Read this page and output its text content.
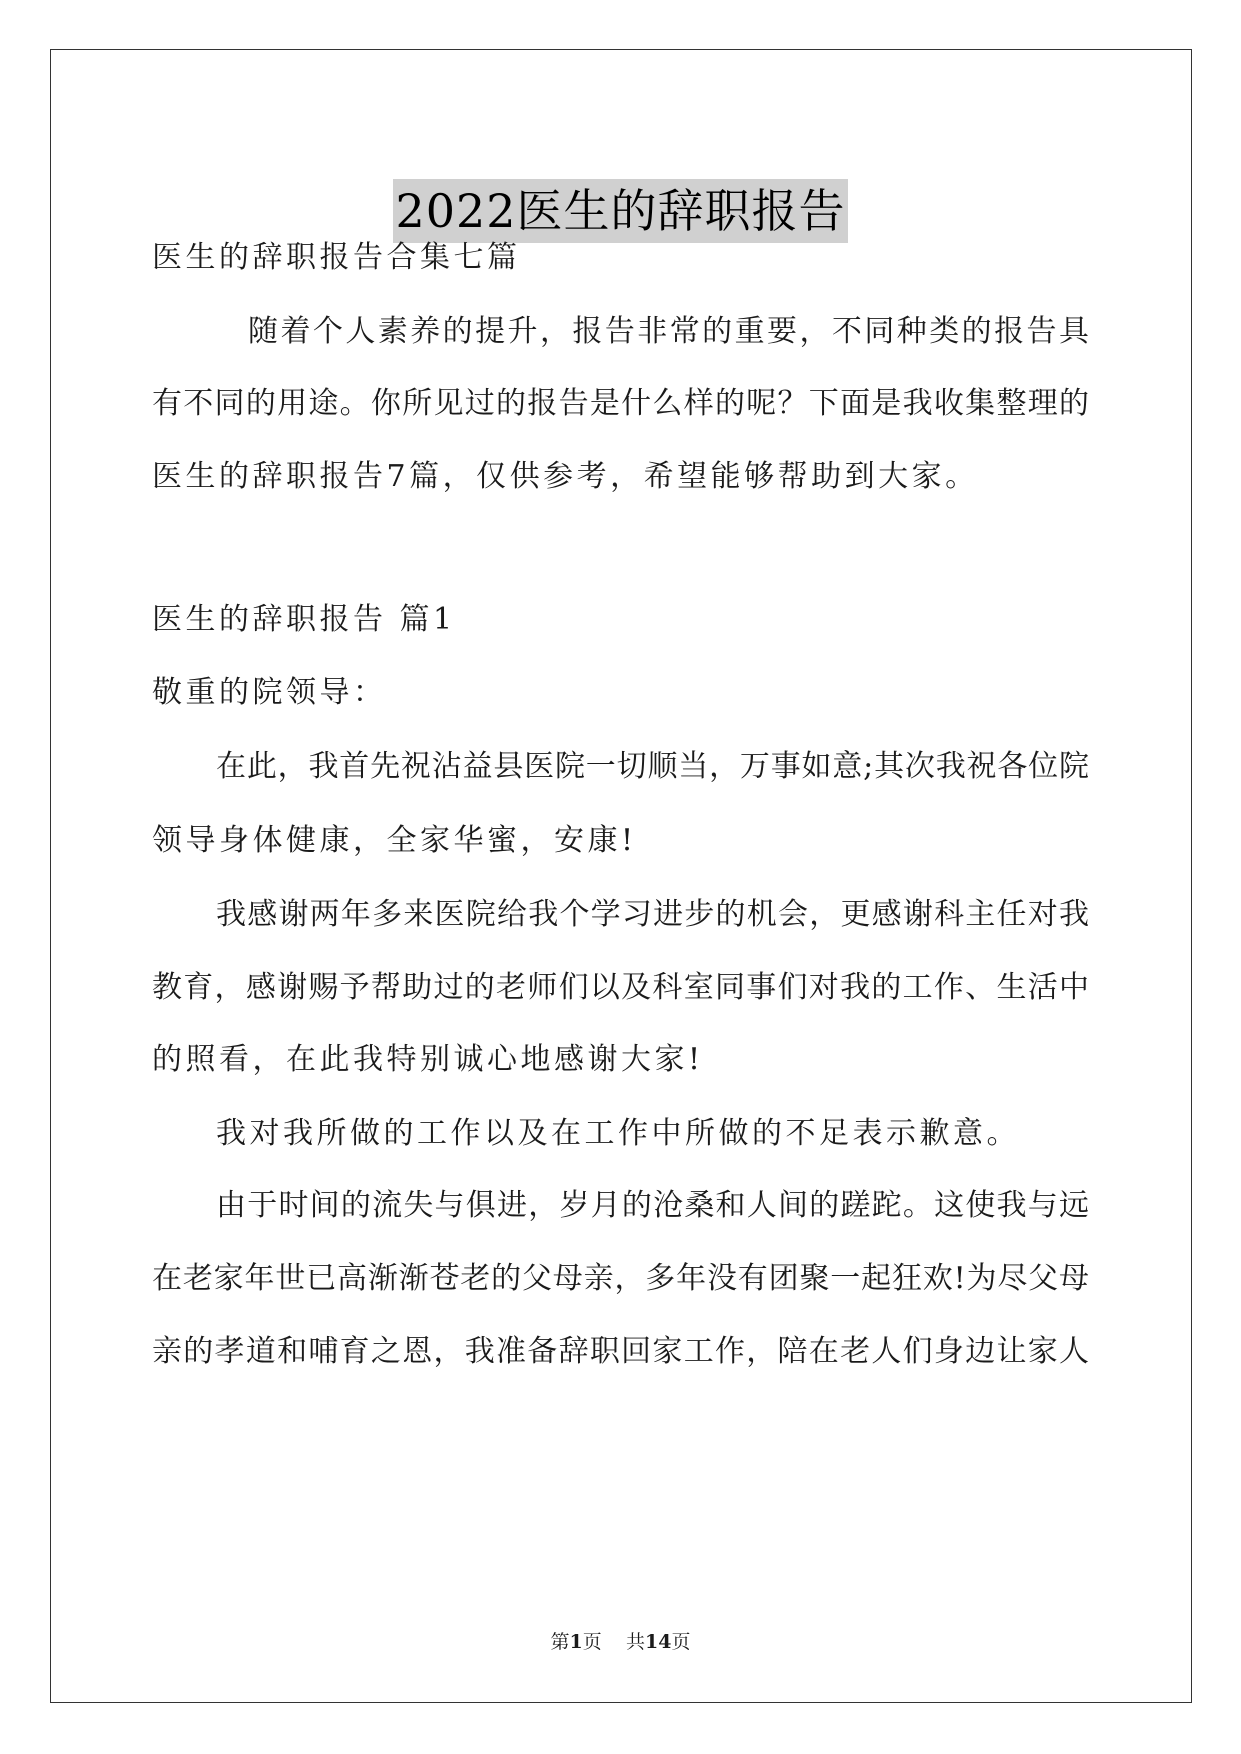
2022医生的辞职报告
医生的辞职报告合集七篇
随着个人素养的提升，报告非常的重要，不同种类的报告具
有不同的用途。你所见过的报告是什么样的呢？下面是我收集整理的
医生的辞职报告7篇，仅供参考，希望能够帮助到大家。
医生的辞职报告 篇1
敬重的院领导：
在此，我首先祝沾益县医院一切顺当，万事如意;其次我祝各位院
领导身体健康，全家华蜜，安康!
我感谢两年多来医院给我个学习进步的机会，更感谢科主任对我
教育，感谢赐予帮助过的老师们以及科室同事们对我的工作、生活中
的照看，在此我特别诚心地感谢大家!
我对我所做的工作以及在工作中所做的不足表示歉意。
由于时间的流失与俱进，岁月的沧桑和人间的蹉跎。这使我与远
在老家年世已高渐渐苍老的父母亲，多年没有团聚一起狂欢!为尽父母
亲的孝道和哺育之恩，我准备辞职回家工作，陪在老人们身边让家人
第1页 共14页
